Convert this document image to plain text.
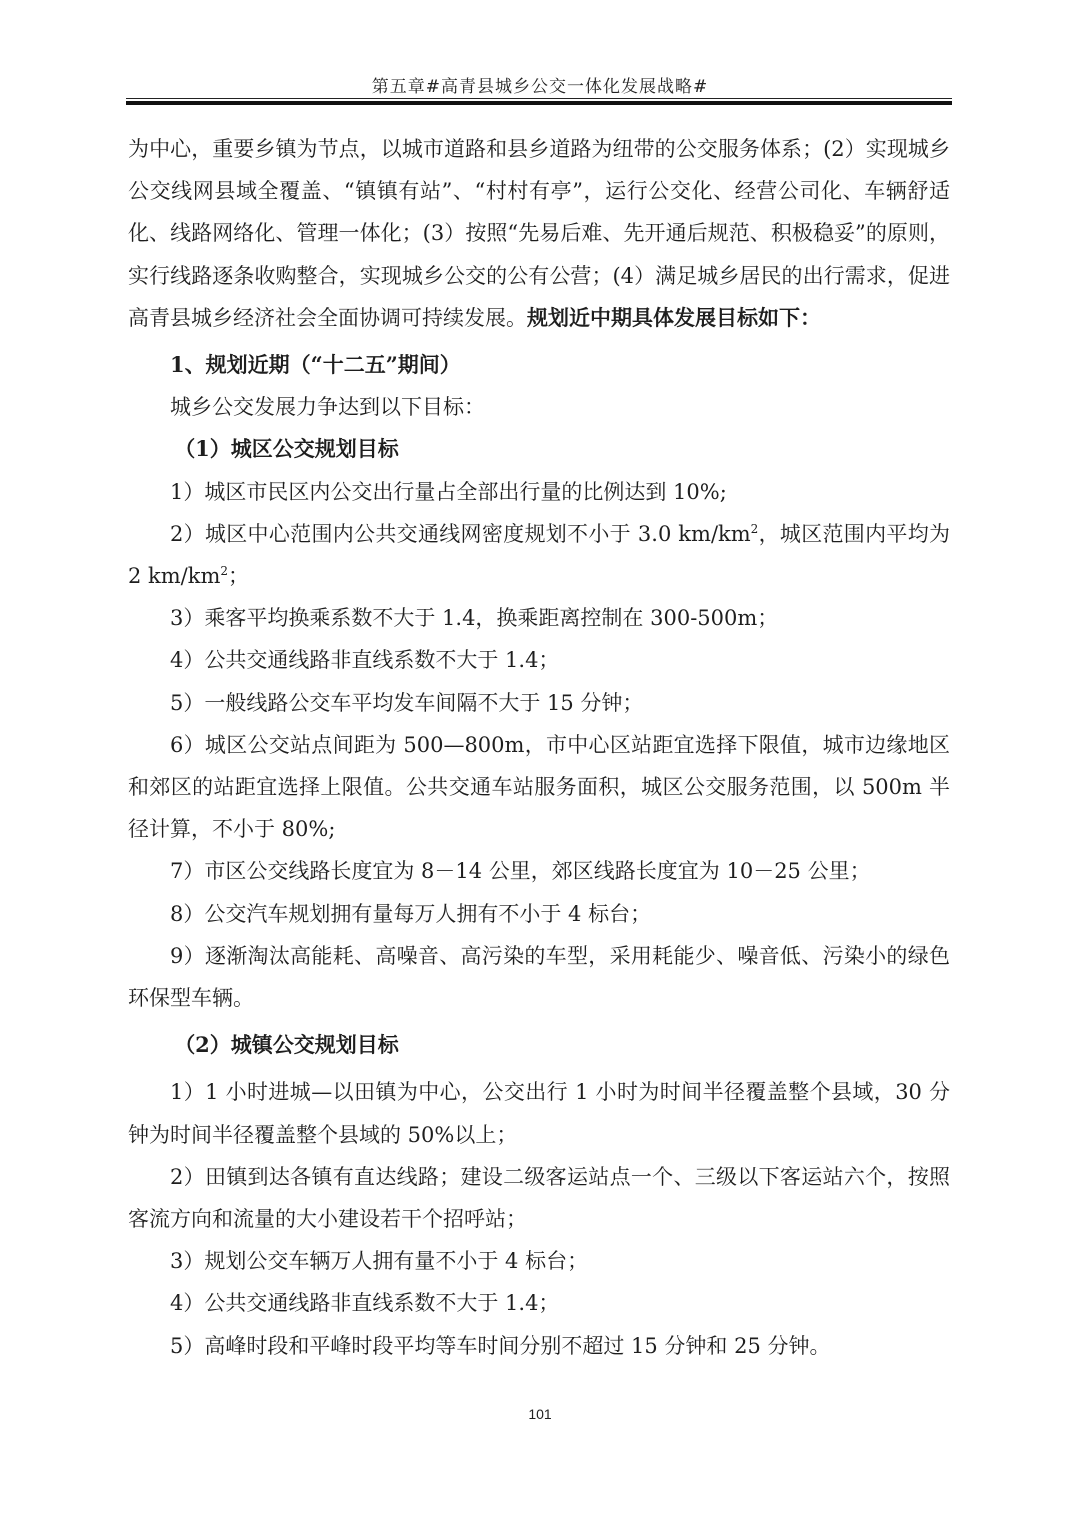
第五章#高青县城乡公交一体化发展战略#

为中心，重要乡镇为节点，以城市道路和县乡道路为纽带的公交服务体系；(2）实现城乡公交线网县域全覆盖、“镇镇有站”、“村村有亭”，运行公交化、经营公司化、车辆舒适化、线路网络化、管理一体化；(3）按照“先易后难、先开通后规范、积极稳妥”的原则，实行线路逐条收购整合，实现城乡公交的公有公营；(4）满足城乡居民的出行需求，促进高青县城乡经济社会全面协调可持续发展。规划近中期具体发展目标如下：

1、规划近期（“十二五”期间）

城乡公交发展力争达到以下目标：

（1）城区公交规划目标

1）城区市民区内公交出行量占全部出行量的比例达到 10%;

2）城区中心范围内公共交通线网密度规划不小于 3.0 $km/km^2$，城区范围内平均为 2 $km/km^2$；

3）乘客平均换乘系数不大于 1.4，换乘距离控制在 300-500m；

4）公共交通线路非直线系数不大于 1.4；

5）一般线路公交车平均发车间隔不大于 15 分钟；

6）城区公交站点间距为 500—800m，市中心区站距宜选择下限值，城市边缘地区和郊区的站距宜选择上限值。公共交通车站服务面积，城区公交服务范围，以 500m 半径计算，不小于 80%;

7）市区公交线路长度宜为 8－14 公里，郊区线路长度宜为 10－25 公里；

8）公交汽车规划拥有量每万人拥有不小于 4 标台；

9）逐渐淘汰高能耗、高噪音、高污染的车型，采用耗能少、噪音低、污染小的绿色环保型车辆。

（2）城镇公交规划目标

1）1 小时进城—以田镇为中心，公交出行 1 小时为时间半径覆盖整个县域，30 分钟为时间半径覆盖整个县域的 50%以上；

2）田镇到达各镇有直达线路；建设二级客运站点一个、三级以下客运站六个，按照客流方向和流量的大小建设若干个招呼站；

3）规划公交车辆万人拥有量不小于 4 标台；

4）公共交通线路非直线系数不大于 1.4；

5）高峰时段和平峰时段平均等车时间分别不超过 15 分钟和 25 分钟。

101
